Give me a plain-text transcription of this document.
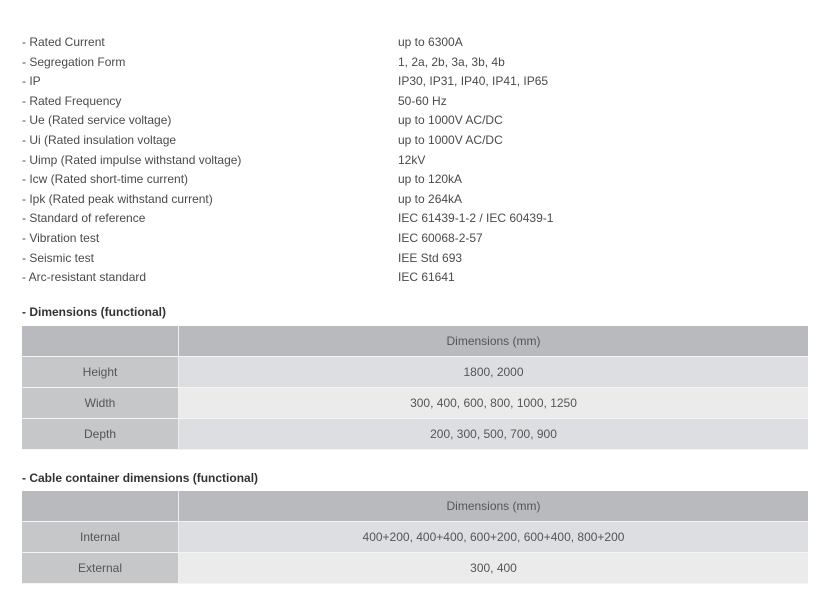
- Rated Current	up to 6300A
- Segregation Form	1, 2a, 2b, 3a, 3b, 4b
- IP	IP30, IP31, IP40, IP41, IP65
- Rated Frequency	50-60 Hz
- Ue (Rated service voltage)	up to 1000V AC/DC
- Ui (Rated insulation voltage	up to 1000V AC/DC
- Uimp (Rated impulse withstand voltage)	12kV
- Icw (Rated short-time current)	up to 120kA
- Ipk (Rated peak withstand current)	up to 264kA
- Standard of reference	IEC 61439-1-2 / IEC 60439-1
- Vibration test	IEC 60068-2-57
- Seismic test	IEE Std 693
- Arc-resistant standard	IEC 61641
- Dimensions (functional)
	Dimensions (mm)
Height	1800, 2000
Width	300, 400, 600, 800, 1000, 1250
Depth	200, 300, 500, 700, 900
- Cable container dimensions (functional)
	Dimensions (mm)
Internal	400+200, 400+400, 600+200, 600+400, 800+200
External	300, 400
